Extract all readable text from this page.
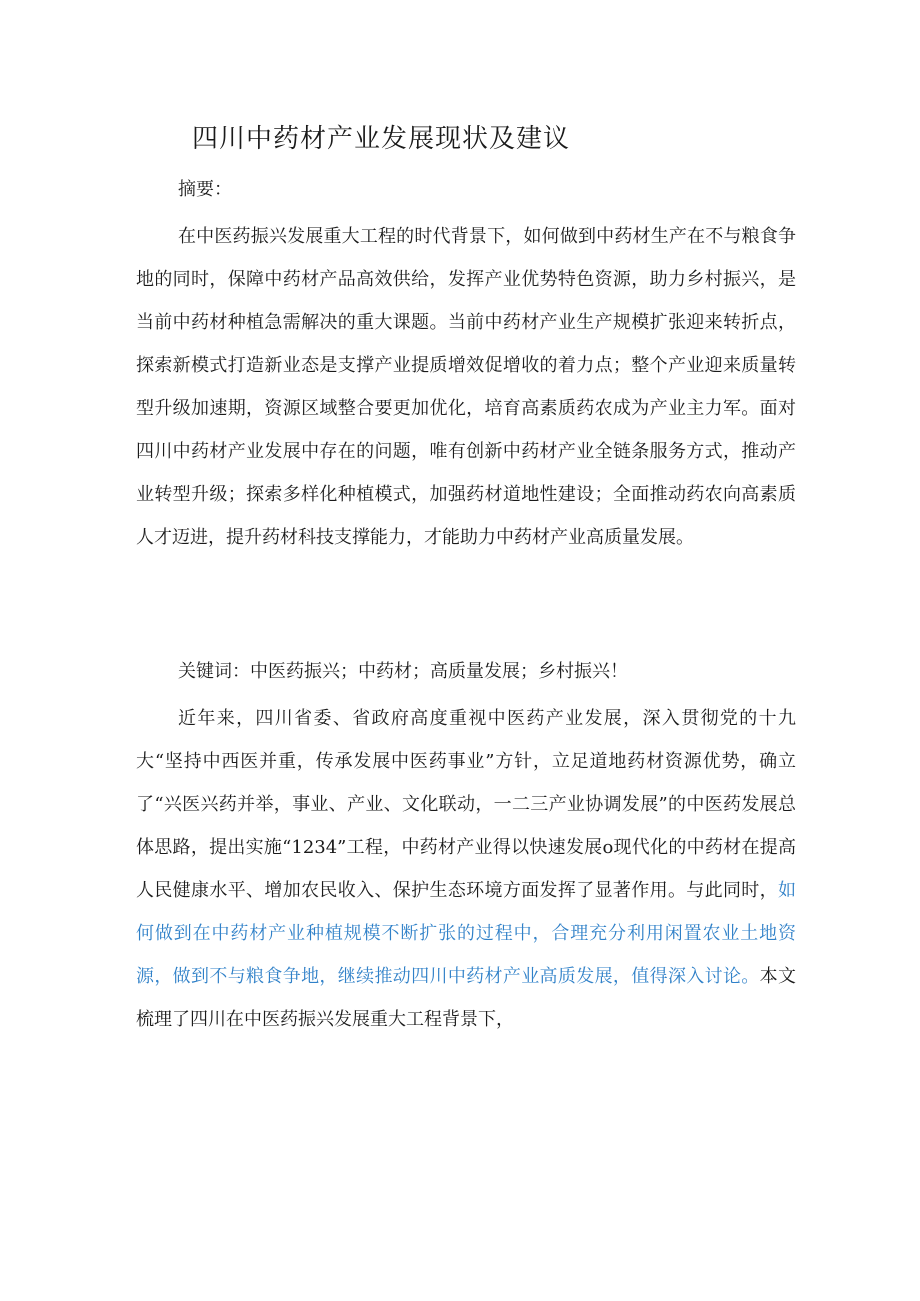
四川中药材产业发展现状及建议

摘要：

在中医药振兴发展重大工程的时代背景下，如何做到中药材生产在不与粮食争地的同时，保障中药材产品高效供给，发挥产业优势特色资源，助力乡村振兴，是当前中药材种植急需解决的重大课题。当前中药材产业生产规模扩张迎来转折点，探索新模式打造新业态是支撑产业提质增效促增收的着力点；整个产业迎来质量转型升级加速期，资源区域整合要更加优化，培育高素质药农成为产业主力军。面对四川中药材产业发展中存在的问题，唯有创新中药材产业全链条服务方式，推动产业转型升级；探索多样化种植模式，加强药材道地性建设；全面推动药农向高素质人才迈进，提升药材科技支撑能力，才能助力中药材产业高质量发展。

关键词：中医药振兴；中药材；高质量发展；乡村振兴！

近年来，四川省委、省政府高度重视中医药产业发展，深入贯彻党的十九大“坚持中西医并重，传承发展中医药事业”方针，立足道地药材资源优势，确立了“兴医兴药并举，事业、产业、文化联动，一二三产业协调发展”的中医药发展总体思路，提出实施“1234”工程，中药材产业得以快速发展o现代化的中药材在提高人民健康水平、增加农民收入、保护生态环境方面发挥了显著作用。与此同时，如何做到在中药材产业种植规模不断扩张的过程中，合理充分利用闲置农业土地资源，做到不与粮食争地，继续推动四川中药材产业高质发展，值得深入讨论。本文梳理了四川在中医药振兴发展重大工程背景下，
